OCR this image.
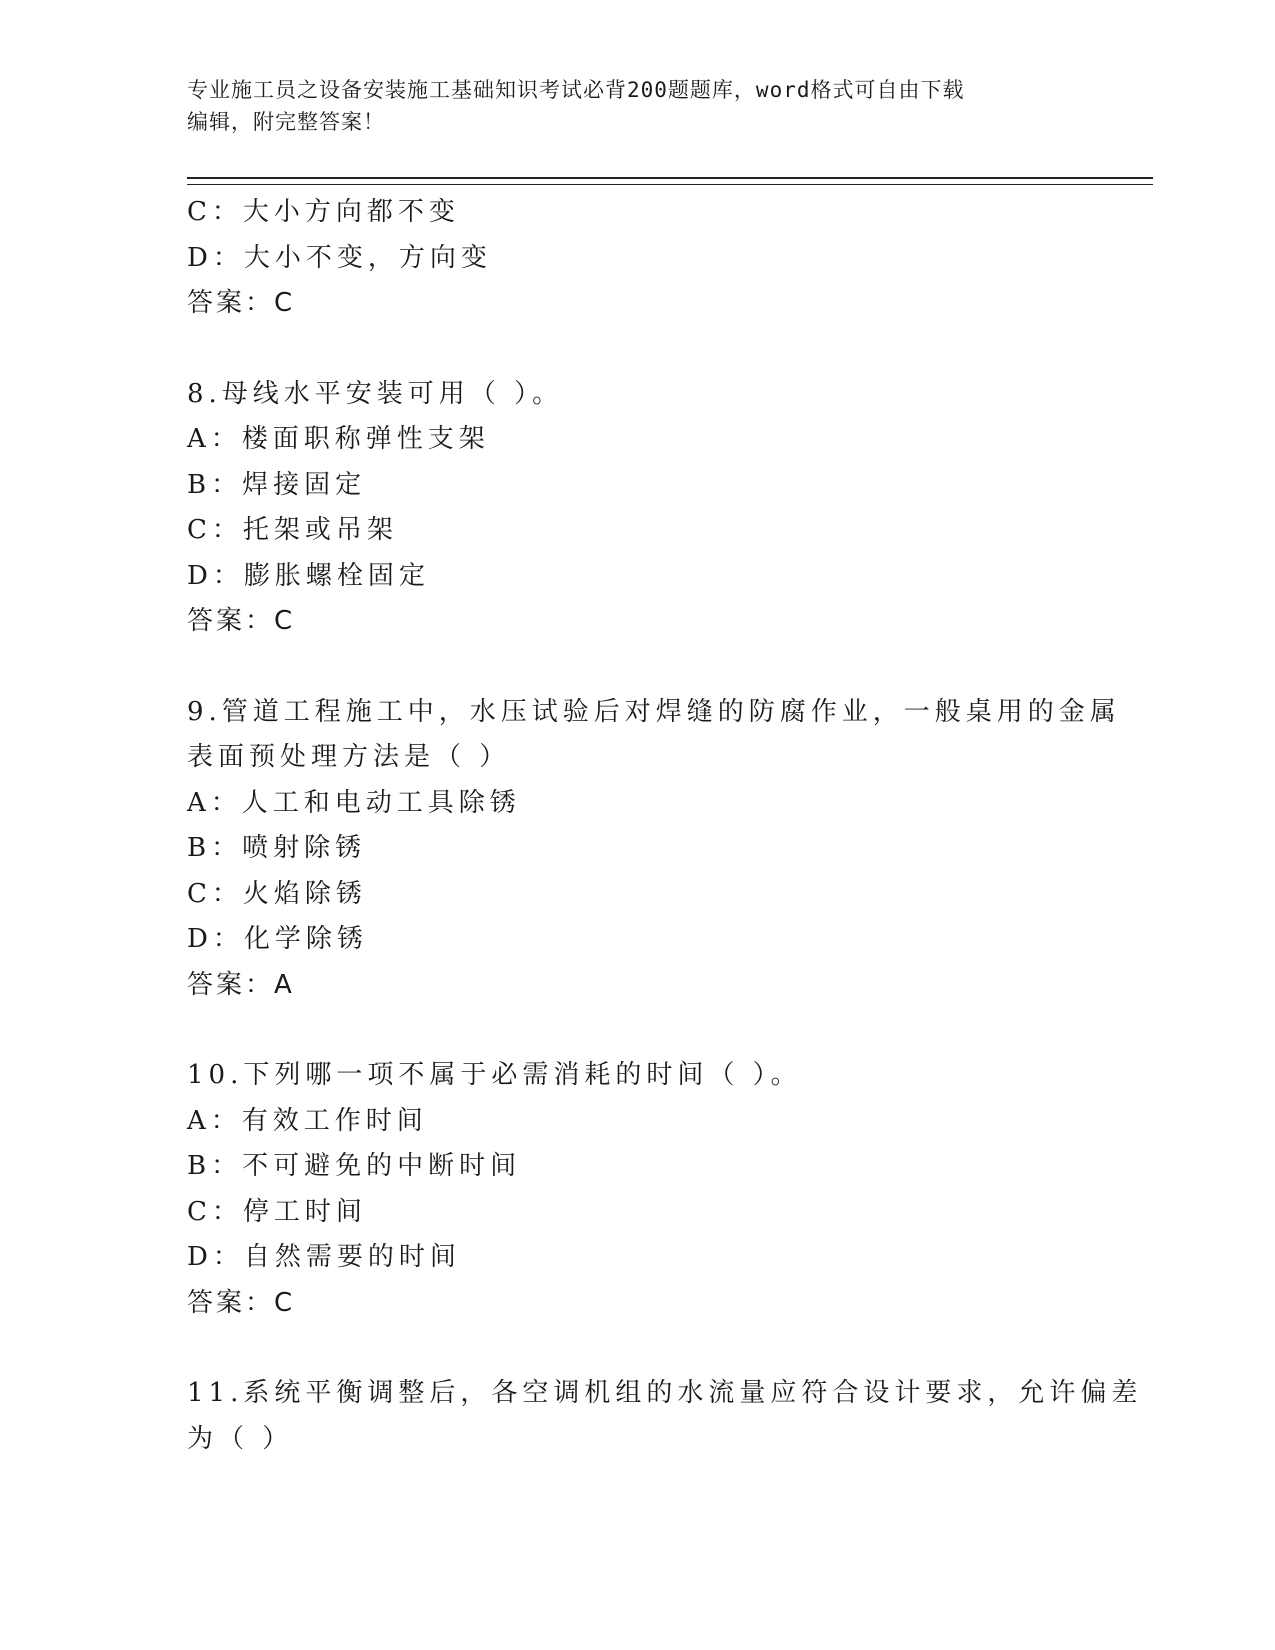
专业施工员之设备安装施工基础知识考试必背200题题库，word格式可自由下载
编辑，附完整答案！
C：大小方向都不变
D：大小不变，方向变
答案：C
8.母线水平安装可用（ ）。
A：楼面职称弹性支架
B：焊接固定
C：托架或吊架
D：膨胀螺栓固定
答案：C
9.管道工程施工中，水压试验后对焊缝的防腐作业，一般桌用的金属
表面预处理方法是（ ）
A：人工和电动工具除锈
B：喷射除锈
C：火焰除锈
D：化学除锈
答案：A
10.下列哪一项不属于必需消耗的时间（ ）。
A：有效工作时间
B：不可避免的中断时间
C：停工时间
D：自然需要的时间
答案：C
11.系统平衡调整后，各空调机组的水流量应符合设计要求，允许偏差
为（ ）
